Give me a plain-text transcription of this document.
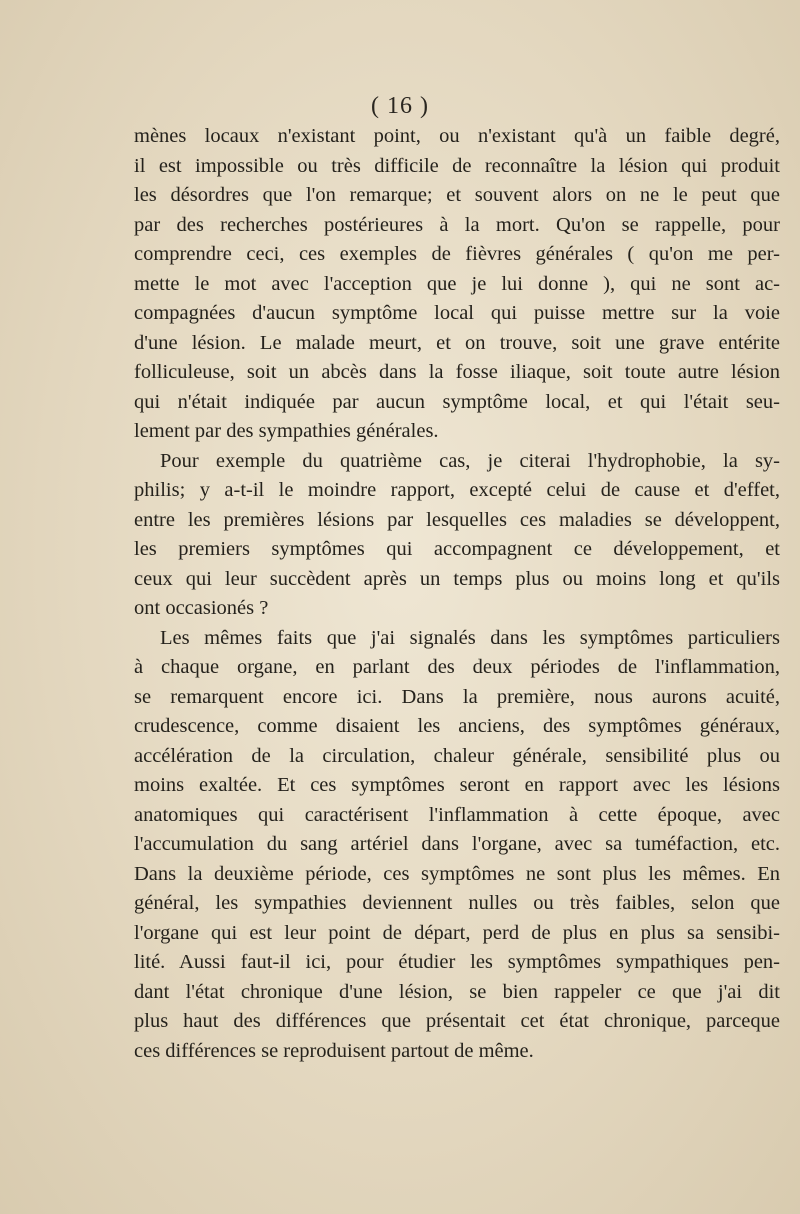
( 16 )
mènes locaux n'existant point, ou n'existant qu'à un faible degré,
il est impossible ou très difficile de reconnaître la lésion qui produit
les désordres que l'on remarque; et souvent alors on ne le peut que
par des recherches postérieures à la mort. Qu'on se rappelle, pour
comprendre ceci, ces exemples de fièvres générales ( qu'on me per-
mette le mot avec l'acception que je lui donne ), qui ne sont ac-
compagnées d'aucun symptôme local qui puisse mettre sur la voie
d'une lésion. Le malade meurt, et on trouve, soit une grave entérite
folliculeuse, soit un abcès dans la fosse iliaque, soit toute autre lésion
qui n'était indiquée par aucun symptôme local, et qui l'était seu-
lement par des sympathies générales.
Pour exemple du quatrième cas, je citerai l'hydrophobie, la sy-
philis; y a-t-il le moindre rapport, excepté celui de cause et d'effet,
entre les premières lésions par lesquelles ces maladies se développent,
les premiers symptômes qui accompagnent ce développement, et
ceux qui leur succèdent après un temps plus ou moins long et qu'ils
ont occasionés ?
Les mêmes faits que j'ai signalés dans les symptômes particuliers
à chaque organe, en parlant des deux périodes de l'inflammation,
se remarquent encore ici. Dans la première, nous aurons acuité,
crudescence, comme disaient les anciens, des symptômes généraux,
accélération de la circulation, chaleur générale, sensibilité plus ou
moins exaltée. Et ces symptômes seront en rapport avec les lésions
anatomiques qui caractérisent l'inflammation à cette époque, avec
l'accumulation du sang artériel dans l'organe, avec sa tuméfaction, etc.
Dans la deuxième période, ces symptômes ne sont plus les mêmes. En
général, les sympathies deviennent nulles ou très faibles, selon que
l'organe qui est leur point de départ, perd de plus en plus sa sensibi-
lité. Aussi faut-il ici, pour étudier les symptômes sympathiques pen-
dant l'état chronique d'une lésion, se bien rappeler ce que j'ai dit
plus haut des différences que présentait cet état chronique, parceque
ces différences se reproduisent partout de même.
